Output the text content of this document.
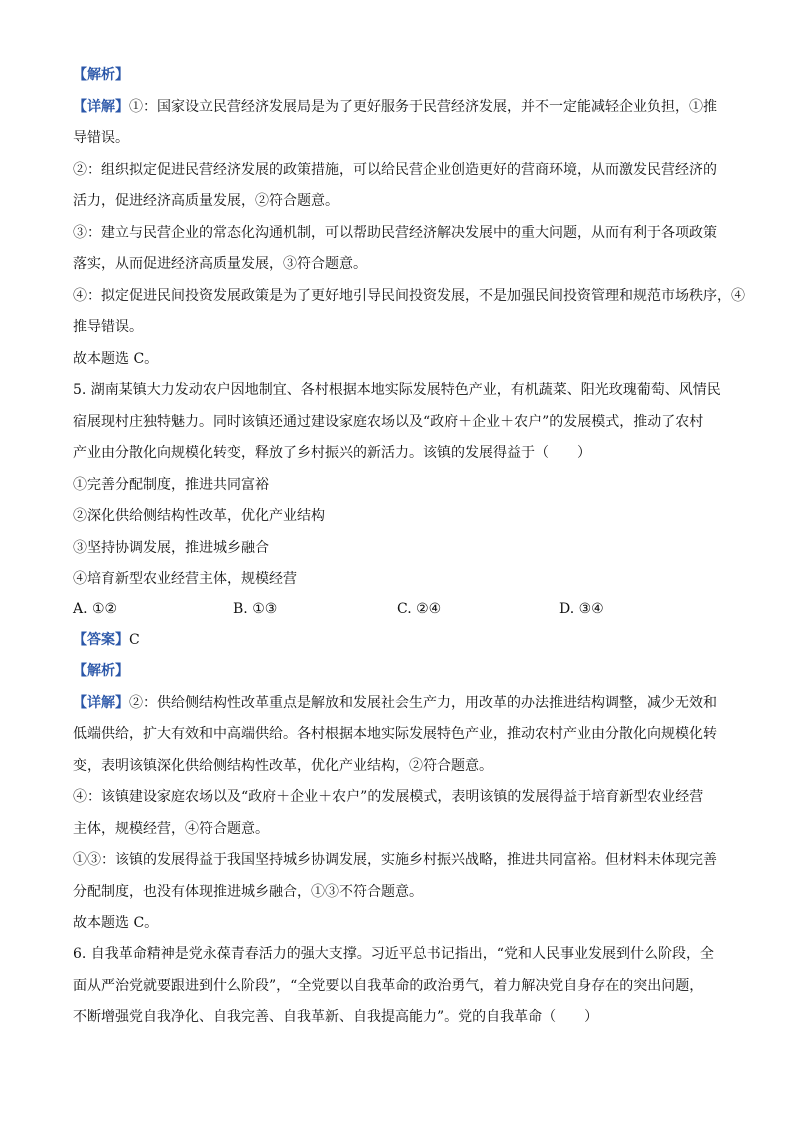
【解析】
【详解】①：国家设立民营经济发展局是为了更好服务于民营经济发展，并不一定能减轻企业负担，①推
导错误。
②：组织拟定促进民营经济发展的政策措施，可以给民营企业创造更好的营商环境，从而激发民营经济的
活力，促进经济高质量发展，②符合题意。
③：建立与民营企业的常态化沟通机制，可以帮助民营经济解决发展中的重大问题，从而有利于各项政策
落实，从而促进经济高质量发展，③符合题意。
④：拟定促进民间投资发展政策是为了更好地引导民间投资发展，不是加强民间投资管理和规范市场秩序，④
推导错误。
故本题选 C。
5. 湖南某镇大力发动农户因地制宜、各村根据本地实际发展特色产业，有机蔬菜、阳光玫瑰葡萄、风情民
宿展现村庄独特魅力。同时该镇还通过建设家庭农场以及“政府＋企业＋农户”的发展模式，推动了农村
产业由分散化向规模化转变，释放了乡村振兴的新活力。该镇的发展得益于（　　）
①完善分配制度，推进共同富裕
②深化供给侧结构性改革，优化产业结构
③坚持协调发展，推进城乡融合
④培育新型农业经营主体，规模经营
A. ①②	B. ①③	C. ②④	D. ③④
【答案】C
【解析】
【详解】②：供给侧结构性改革重点是解放和发展社会生产力，用改革的办法推进结构调整，减少无效和
低端供给，扩大有效和中高端供给。各村根据本地实际发展特色产业，推动农村产业由分散化向规模化转
变，表明该镇深化供给侧结构性改革，优化产业结构，②符合题意。
④：该镇建设家庭农场以及“政府＋企业＋农户”的发展模式，表明该镇的发展得益于培育新型农业经营
主体，规模经营，④符合题意。
①③：该镇的发展得益于我国坚持城乡协调发展，实施乡村振兴战略，推进共同富裕。但材料未体现完善
分配制度，也没有体现推进城乡融合，①③不符合题意。
故本题选 C。
6. 自我革命精神是党永葆青春活力的强大支撑。习近平总书记指出，“党和人民事业发展到什么阶段，全
面从严治党就要跟进到什么阶段”，“全党要以自我革命的政治勇气，着力解决党自身存在的突出问题，
不断增强党自我净化、自我完善、自我革新、自我提高能力”。党的自我革命（　　）
